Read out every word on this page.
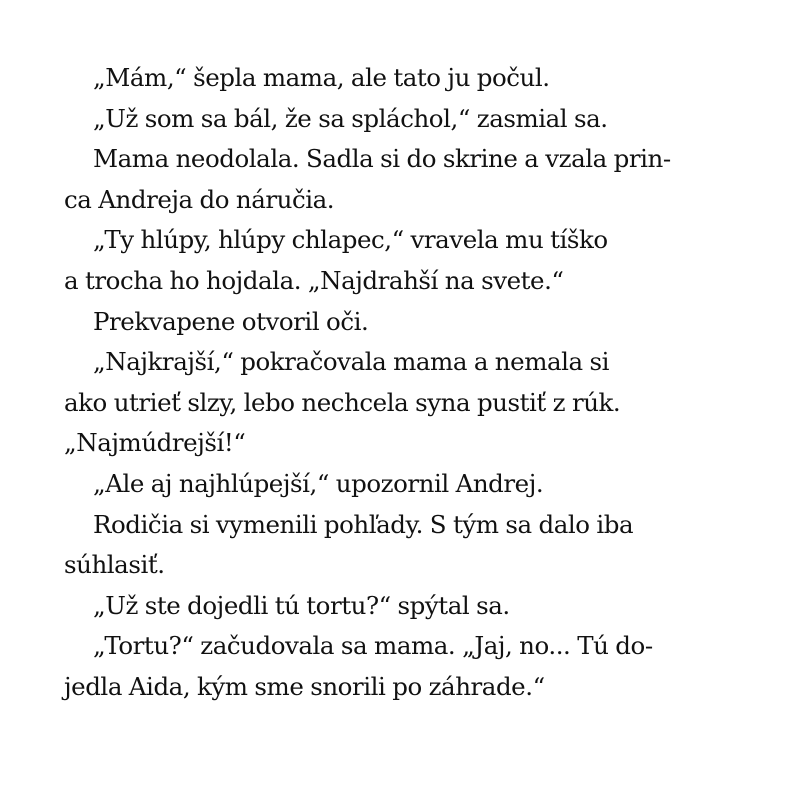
„Mám,“ šepla mama, ale tato ju počul.
„Už som sa bál, že sa spláchol,“ zasmial sa.
Mama neodolala. Sadla si do skrine a vzala prin-
ca Andreja do náručia.
„Ty hlúpy, hlúpy chlapec,“ vravela mu tíško
a trocha ho hojdala. „Najdrahší na svete.“
Prekvapene otvoril oči.
„Najkrajší,“ pokračovala mama a nemala si
ako utrieť slzy, lebo nechcela syna pustiť z rúk.
„Najmúdrejší!“
„Ale aj najhlúpejší,“ upozornil Andrej.
Rodičia si vymenili pohľady. S tým sa dalo iba
súhlasiť.
„Už ste dojedli tú tortu?“ spýtal sa.
„Tortu?“ začudovala sa mama. „Jaj, no... Tú do-
jedla Aida, kým sme snorili po záhrade.“
